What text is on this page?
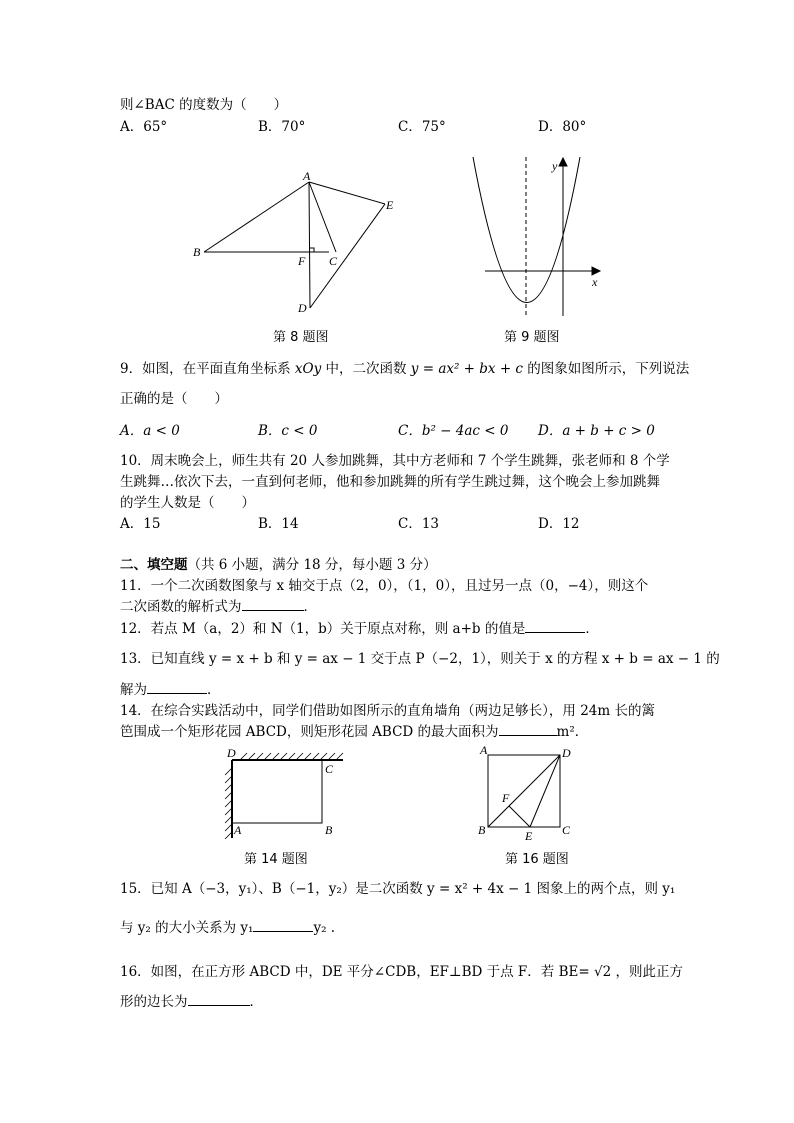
则∠BAC 的度数为（　　）
A．65°	B．70°	C．75°	D．80°
A
B
C
D
E
F
x
y
第 8 题图	第 9 题图
9．如图，在平面直角坐标系 xOy 中，二次函数 y = ax² + bx + c 的图象如图所示，下列说法
正确的是（　　）
A．a < 0	B．c < 0	C．b² − 4ac < 0 D．a + b + c > 0
10．周末晚会上，师生共有 20 人参加跳舞，其中方老师和 7 个学生跳舞，张老师和 8 个学
生跳舞…依次下去，一直到何老师，他和参加跳舞的所有学生跳过舞，这个晚会上参加跳舞
的学生人数是（　　）
A．15	B．14	C．13	D．12
二、填空题（共 6 小题，满分 18 分，每小题 3 分）
11．一个二次函数图象与 x 轴交于点（2，0），（1，0），且过另一点（0，−4），则这个
二次函数的解析式为	．
12．若点 M（a，2）和 N（1，b）关于原点对称，则 a+b 的值是	．
13．已知直线 y = x + b 和 y = ax − 1 交于点 P（−2，1），则关于 x 的方程 x + b = ax − 1 的
解为	．
14．在综合实践活动中，同学们借助如图所示的直角墙角（两边足够长），用 24m 长的篱
笆围成一个矩形花园 ABCD，则矩形花园 ABCD 的最大面积为	m²．
D
C
A	B
A	D
B	C
E
F
第 14 题图	第 16 题图
15．已知 A（−3，y₁）、B（−1，y₂）是二次函数 y = x² + 4x − 1 图象上的两个点，则 y₁
与 y₂ 的大小关系为 y₁	y₂ .
16．如图，在正方形 ABCD 中，DE 平分∠CDB，EF⊥BD 于点 F．若 BE= √2 ，则此正方
形的边长为	．
